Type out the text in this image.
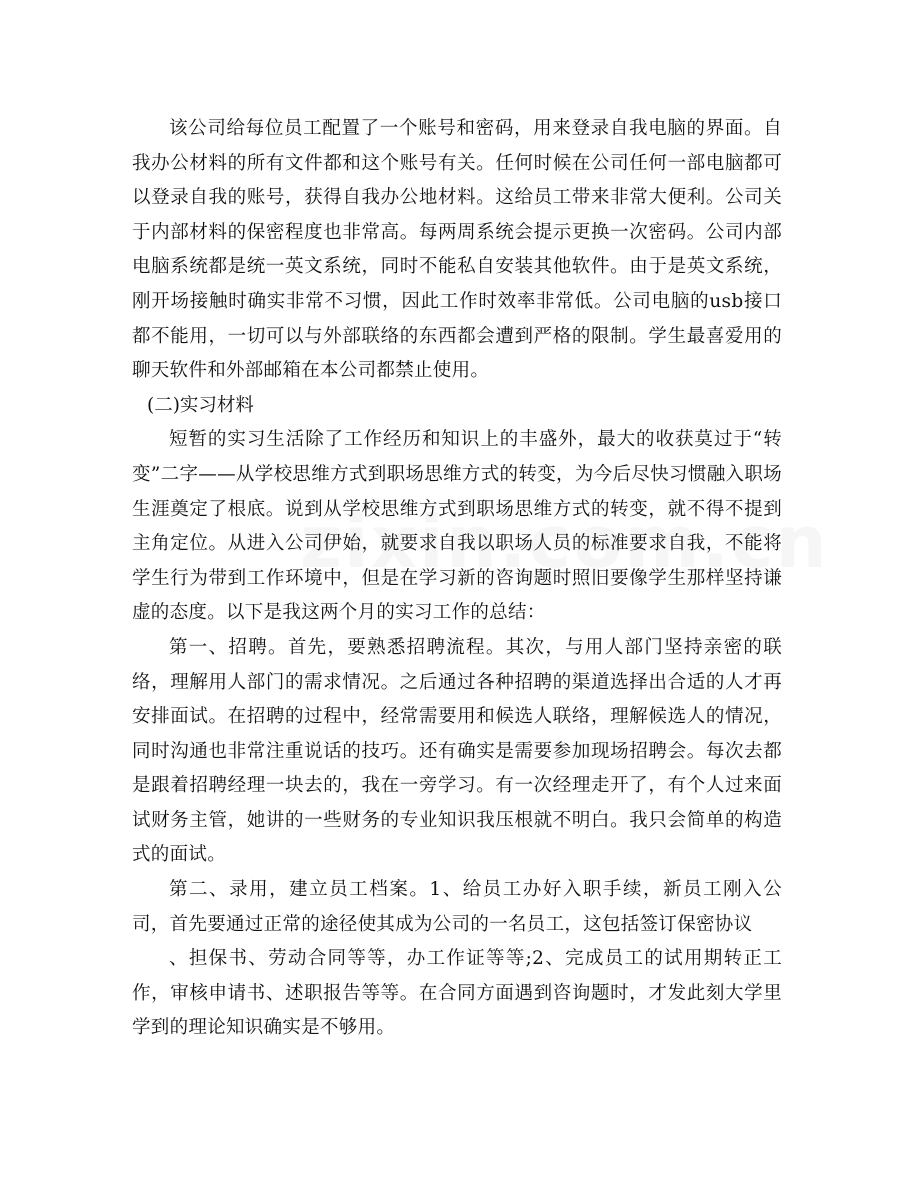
该公司给每位员工配置了一个账号和密码，用来登录自我电脑的界面。自我办公材料的所有文件都和这个账号有关。任何时候在公司任何一部电脑都可以登录自我的账号，获得自我办公地材料。这给员工带来非常大便利。公司关于内部材料的保密程度也非常高。每两周系统会提示更换一次密码。公司内部电脑系统都是统一英文系统，同时不能私自安装其他软件。由于是英文系统，刚开场接触时确实非常不习惯，因此工作时效率非常低。公司电脑的usb接口都不能用，一切可以与外部联络的东西都会遭到严格的限制。学生最喜爱用的聊天软件和外部邮箱在本公司都禁止使用。

(二)实习材料

短暂的实习生活除了工作经历和知识上的丰盛外，最大的收获莫过于“转变”二字——从学校思维方式到职场思维方式的转变，为今后尽快习惯融入职场生涯奠定了根底。说到从学校思维方式到职场思维方式的转变，就不得不提到主角定位。从进入公司伊始，就要求自我以职场人员的标准要求自我，不能将学生行为带到工作环境中，但是在学习新的咨询题时照旧要像学生那样坚持谦虚的态度。以下是我这两个月的实习工作的总结：

第一、招聘。首先，要熟悉招聘流程。其次，与用人部门坚持亲密的联络，理解用人部门的需求情况。之后通过各种招聘的渠道选择出合适的人才再安排面试。在招聘的过程中，经常需要用和候选人联络，理解候选人的情况，同时沟通也非常注重说话的技巧。还有确实是需要参加现场招聘会。每次去都是跟着招聘经理一块去的，我在一旁学习。有一次经理走开了，有个人过来面试财务主管，她讲的一些财务的专业知识我压根就不明白。我只会简单的构造式的面试。

第二、录用，建立员工档案。1、给员工办好入职手续，新员工刚入公司，首先要通过正常的途径使其成为公司的一名员工，这包括签订保密协议

、担保书、劳动合同等等，办工作证等等;2、完成员工的试用期转正工作，审核申请书、述职报告等等。在合同方面遇到咨询题时，才发此刻大学里学到的理论知识确实是不够用。
